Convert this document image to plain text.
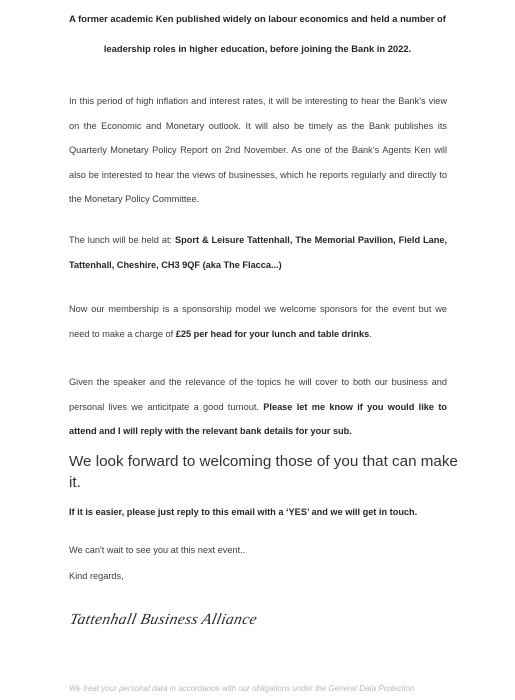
A former academic Ken published widely on labour economics and held a number of leadership roles in higher education, before joining the Bank in 2022.

In this period of high inflation and interest rates, it will be interesting to hear the Bank’s view on the Economic and Monetary outlook. It will also be timely as the Bank publishes its Quarterly Monetary Policy Report on 2nd November. As one of the Bank’s Agents Ken will also be interested to hear the views of businesses, which he reports regularly and directly to the Monetary Policy Committee.

The lunch will be held at: Sport & Leisure Tattenhall, The Memorial Pavilion, Field Lane, Tattenhall, Cheshire, CH3 9QF (aka The Flacca...)

Now our membership is a sponsorship model we welcome sponsors for the event but we need to make a charge of £25 per head for your lunch and table drinks.

Given the speaker and the relevance of the topics he will cover to both our business and personal lives we anticitpate a good turnout. Please let me know if you would like to attend and I will reply with the relevant bank details for your sub.

We look forward to welcoming those of you that can make it.

If it is easier, please just reply to this email with a ‘YES’ and we will get in touch.

We can't wait to see you at this next event..

Kind regards,

Tattenhall Business Alliance
We treat your personal data in accordance with our obligations under the General Data Protection
